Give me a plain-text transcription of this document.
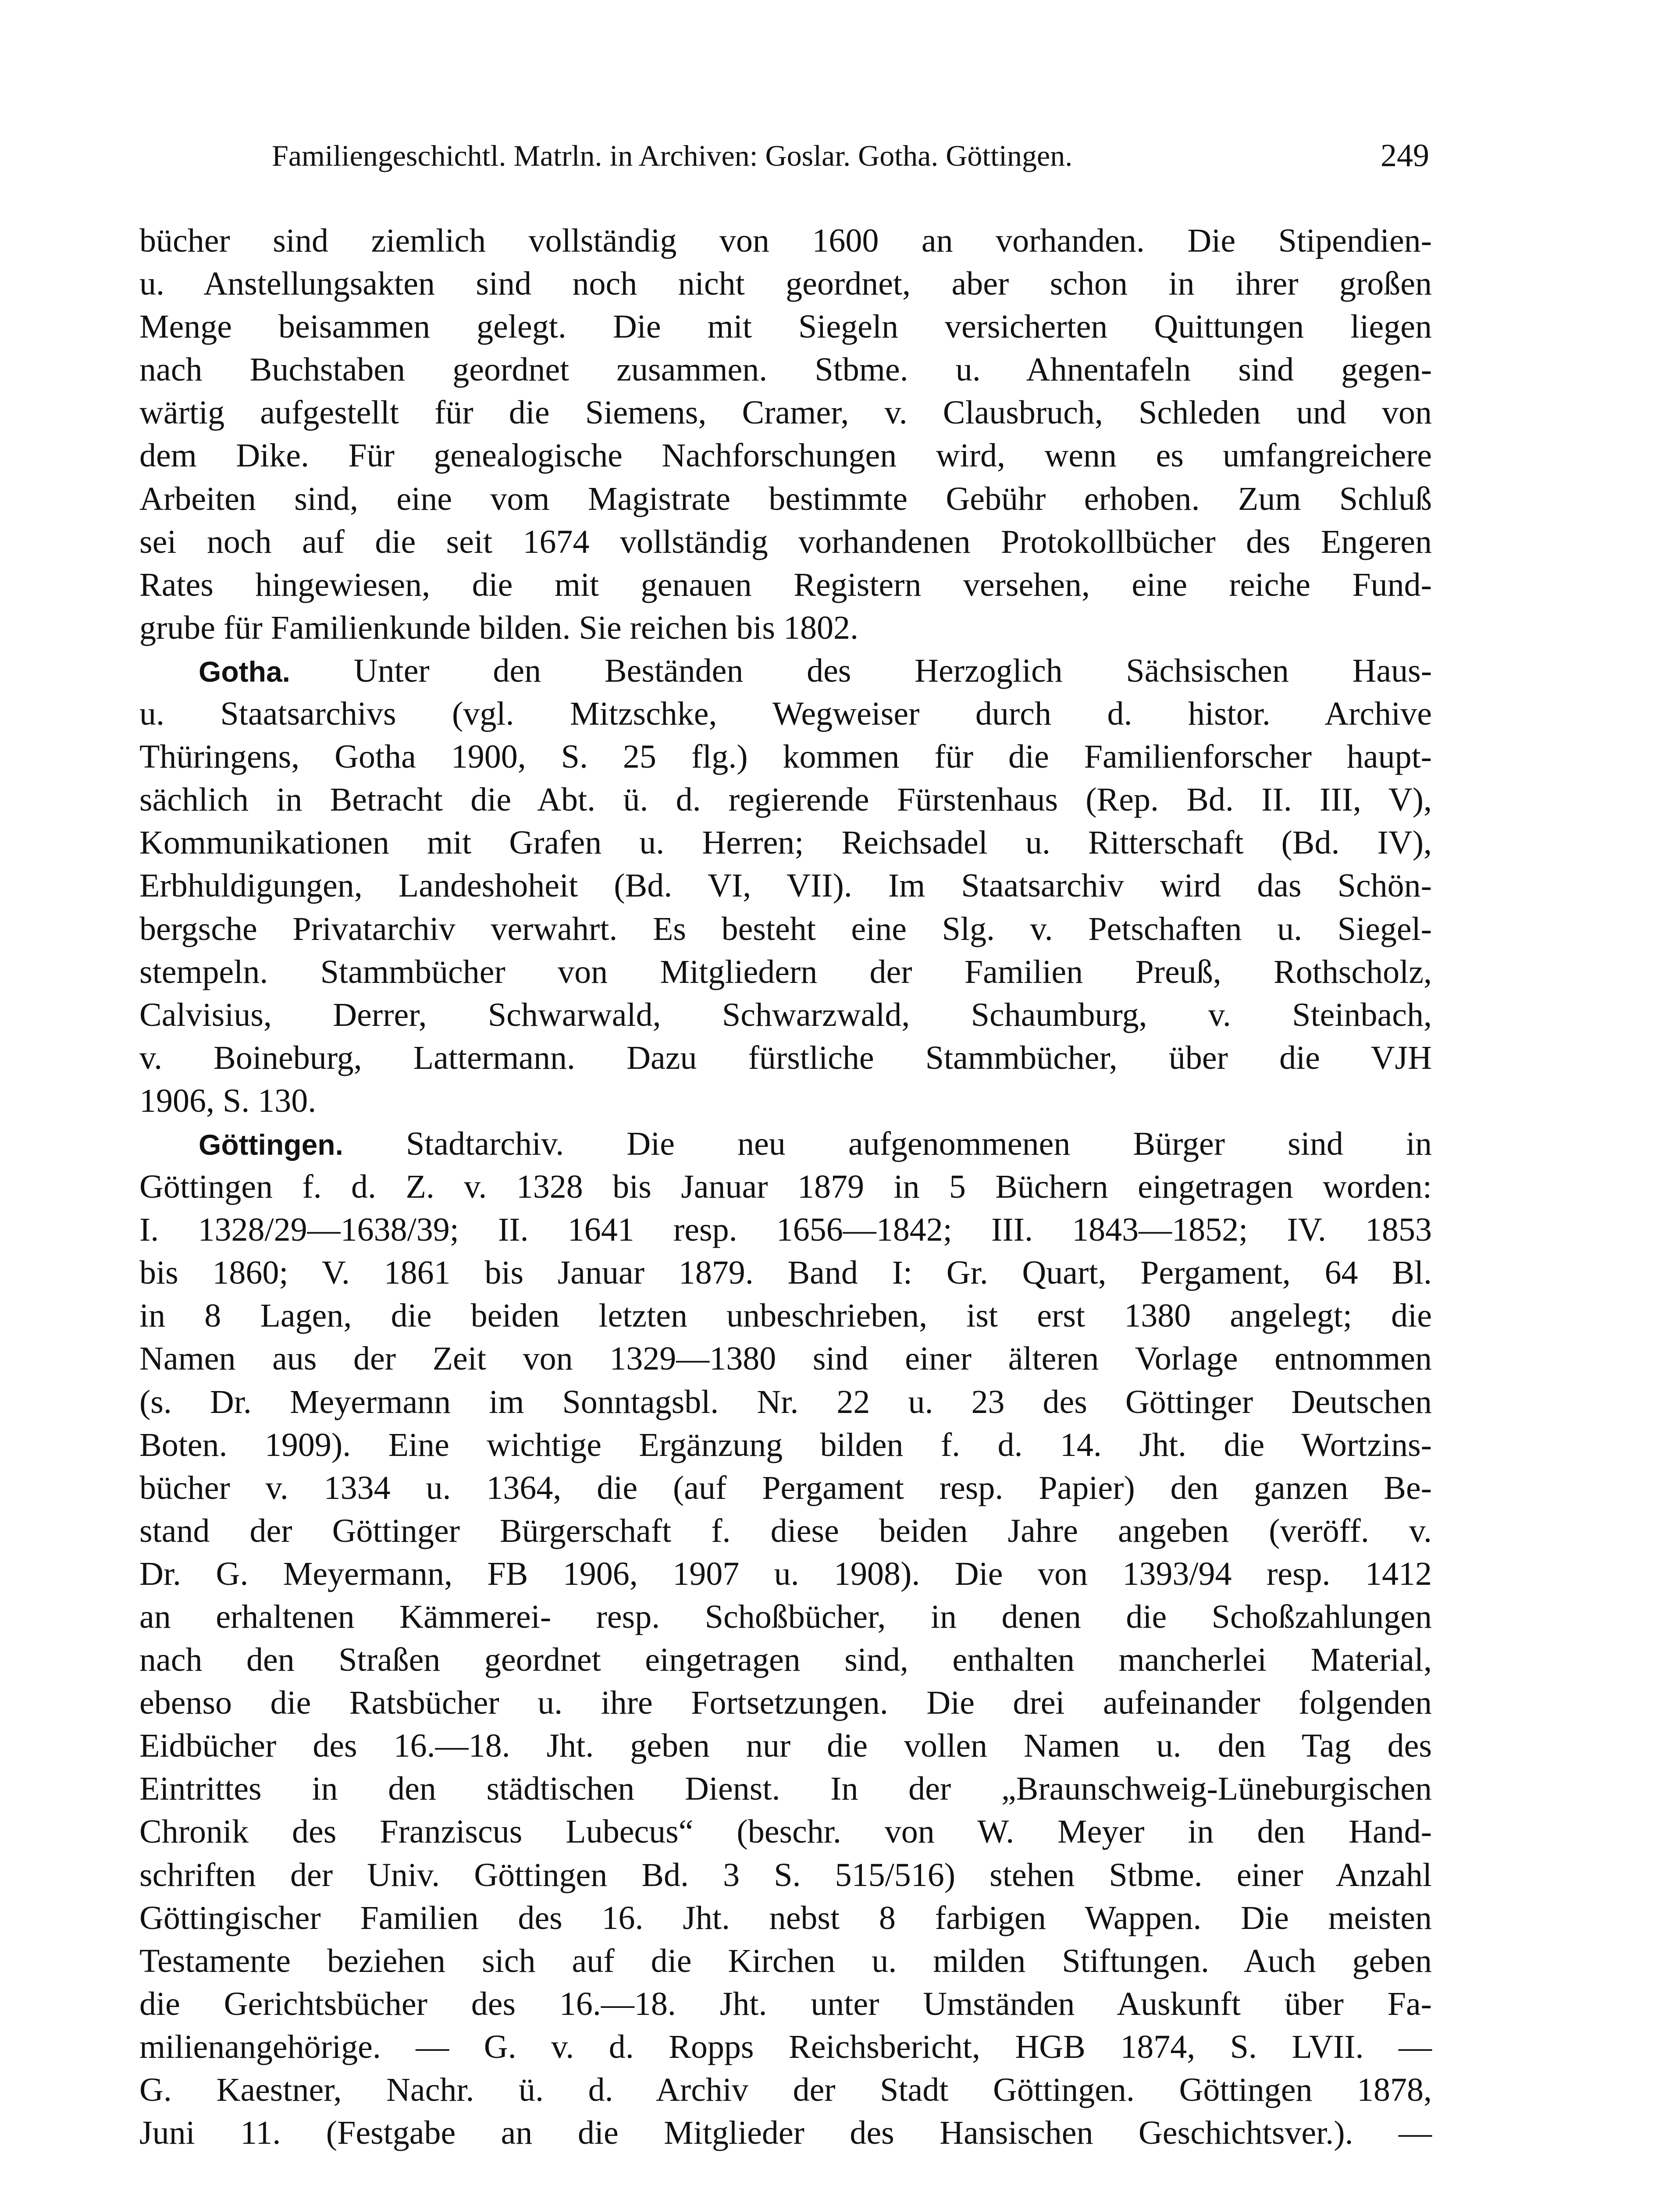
Familiengeschichtl. Matrln. in Archiven: Goslar. Gotha. Göttingen.	249
bücher sind ziemlich vollständig von 1600 an vorhanden. Die Stipendien-
u. Anstellungsakten sind noch nicht geordnet, aber schon in ihrer großen
Menge beisammen gelegt. Die mit Siegeln versicherten Quittungen liegen
nach Buchstaben geordnet zusammen. Stbme. u. Ahnentafeln sind gegen-
wärtig aufgestellt für die Siemens, Cramer, v. Clausbruch, Schleden und von
dem Dike. Für genealogische Nachforschungen wird, wenn es umfangreichere
Arbeiten sind, eine vom Magistrate bestimmte Gebühr erhoben. Zum Schluß
sei noch auf die seit 1674 vollständig vorhandenen Protokollbücher des Engeren
Rates hingewiesen, die mit genauen Registern versehen, eine reiche Fund-
grube für Familienkunde bilden. Sie reichen bis 1802.
Gotha. Unter den Beständen des Herzoglich Sächsischen Haus-
u. Staatsarchivs (vgl. Mitzschke, Wegweiser durch d. histor. Archive
Thüringens, Gotha 1900, S. 25 flg.) kommen für die Familienforscher haupt-
sächlich in Betracht die Abt. ü. d. regierende Fürstenhaus (Rep. Bd. II. III, V),
Kommunikationen mit Grafen u. Herren; Reichsadel u. Ritterschaft (Bd. IV),
Erbhuldigungen, Landeshoheit (Bd. VI, VII). Im Staatsarchiv wird das Schön-
bergsche Privatarchiv verwahrt. Es besteht eine Slg. v. Petschaften u. Siegel-
stempeln. Stammbücher von Mitgliedern der Familien Preuß, Rothscholz,
Calvisius, Derrer, Schwarwald, Schwarzwald, Schaumburg, v. Steinbach,
v. Boineburg, Lattermann. Dazu fürstliche Stammbücher, über die VJH
1906, S. 130.
Göttingen. Stadtarchiv. Die neu aufgenommenen Bürger sind in
Göttingen f. d. Z. v. 1328 bis Januar 1879 in 5 Büchern eingetragen worden:
I. 1328/29—1638/39; II. 1641 resp. 1656—1842; III. 1843—1852; IV. 1853
bis 1860; V. 1861 bis Januar 1879. Band I: Gr. Quart, Pergament, 64 Bl.
in 8 Lagen, die beiden letzten unbeschrieben, ist erst 1380 angelegt; die
Namen aus der Zeit von 1329—1380 sind einer älteren Vorlage entnommen
(s. Dr. Meyermann im Sonntagsbl. Nr. 22 u. 23 des Göttinger Deutschen
Boten. 1909). Eine wichtige Ergänzung bilden f. d. 14. Jht. die Wortzins-
bücher v. 1334 u. 1364, die (auf Pergament resp. Papier) den ganzen Be-
stand der Göttinger Bürgerschaft f. diese beiden Jahre angeben (veröff. v.
Dr. G. Meyermann, FB 1906, 1907 u. 1908). Die von 1393/94 resp. 1412
an erhaltenen Kämmerei- resp. Schoßbücher, in denen die Schoßzahlungen
nach den Straßen geordnet eingetragen sind, enthalten mancherlei Material,
ebenso die Ratsbücher u. ihre Fortsetzungen. Die drei aufeinander folgenden
Eidbücher des 16.—18. Jht. geben nur die vollen Namen u. den Tag des
Eintrittes in den städtischen Dienst. In der „Braunschweig-Lüneburgischen
Chronik des Franziscus Lubecus“ (beschr. von W. Meyer in den Hand-
schriften der Univ. Göttingen Bd. 3 S. 515/516) stehen Stbme. einer Anzahl
Göttingischer Familien des 16. Jht. nebst 8 farbigen Wappen. Die meisten
Testamente beziehen sich auf die Kirchen u. milden Stiftungen. Auch geben
die Gerichtsbücher des 16.—18. Jht. unter Umständen Auskunft über Fa-
milienangehörige. — G. v. d. Ropps Reichsbericht, HGB 1874, S. LVII. —
G. Kaestner, Nachr. ü. d. Archiv der Stadt Göttingen. Göttingen 1878,
Juni 11. (Festgabe an die Mitglieder des Hansischen Geschichtsver.). —
